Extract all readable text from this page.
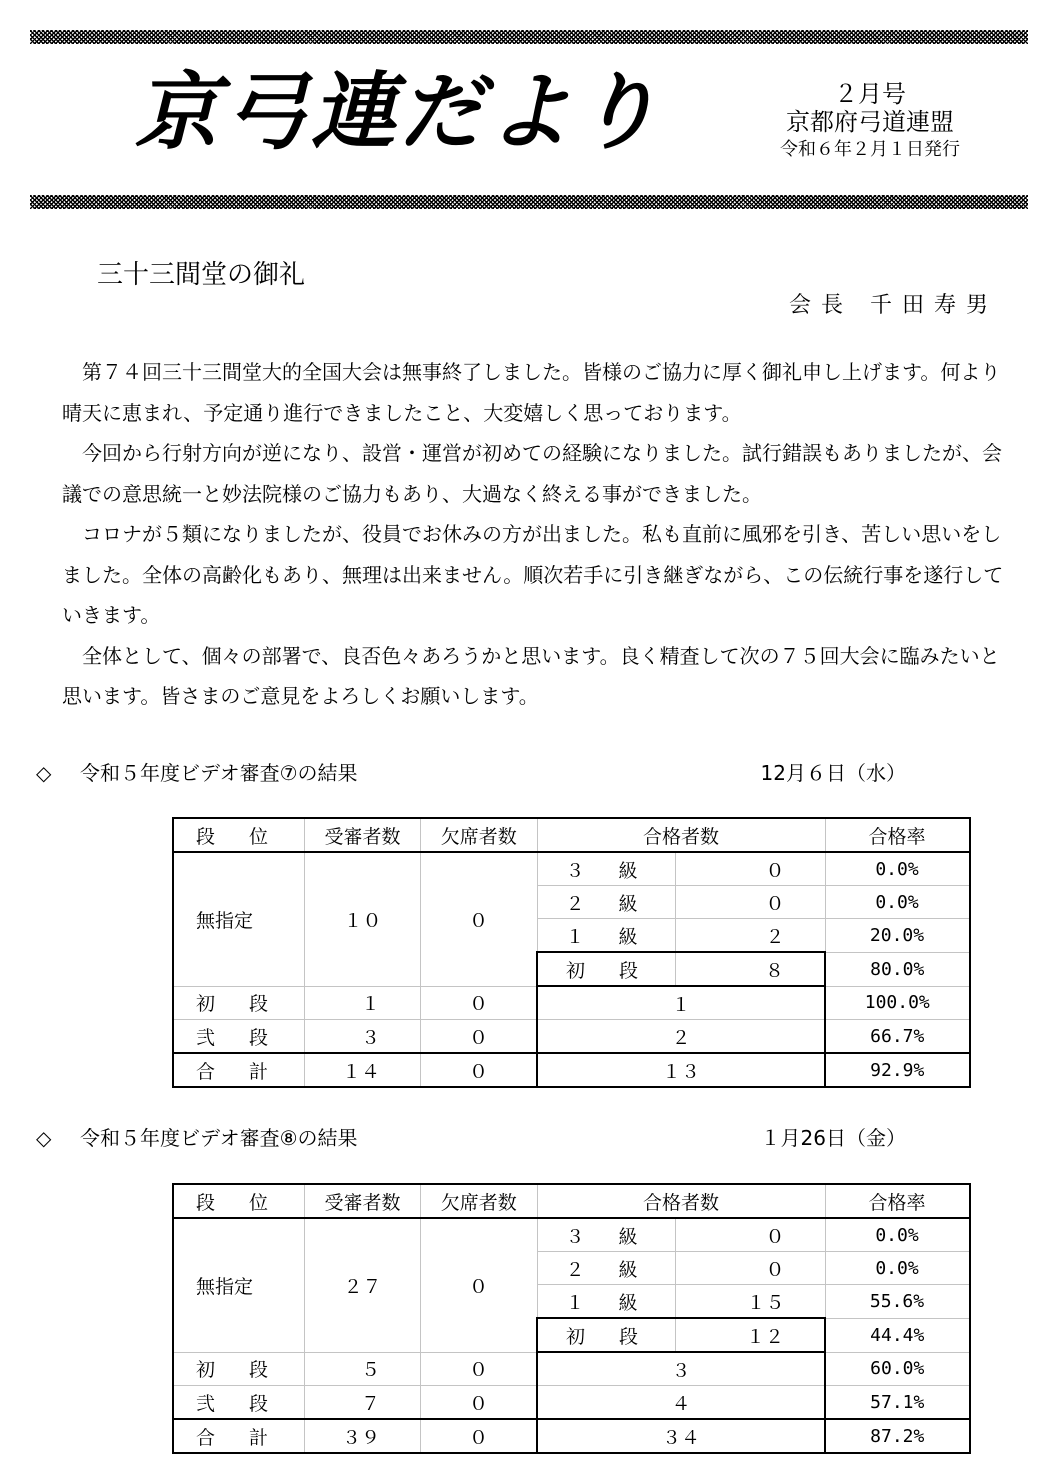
京弓連だより	２月号
京都府弓道連盟
令和６年２月１日発行
三十三間堂の御礼
会長 千田寿男

第７４回三十三間堂大的全国大会は無事終了しました。皆様のご協力に厚く御礼申し上げます。何より晴天に恵まれ、予定通り進行できましたこと、大変嬉しく思っております。

今回から行射方向が逆になり、設営・運営が初めての経験になりました。試行錯誤もありましたが、会議での意思統一と妙法院様のご協力もあり、大過なく終える事ができました。

コロナが５類になりましたが、役員でお休みの方が出ました。私も直前に風邪を引き、苦しい思いをしました。全体の高齢化もあり、無理は出来ません。順次若手に引き継ぎながら、この伝統行事を遂行していきます。

全体として、個々の部署で、良否色々あろうかと思います。良く精査して次の７５回大会に臨みたいと思います。皆さまのご意見をよろしくお願いします。

◇ 令和５年度ビデオ審査⑦の結果	12月６日（水）
段 位	受審者数	欠席者数	合格者数		合格率
無指定	１０	０	３ 級	０	0.0%
			２ 級	０	0.0%
			１ 級	２	20.0%
			初 段	８	80.0%
初 段	１	０	１		100.0%
弐 段	３	０	２		66.7%
合 計	１４	０	１３		92.9%
◇ 令和５年度ビデオ審査⑧の結果	１月26日（金）
段 位	受審者数	欠席者数	合格者数		合格率
無指定	２７	０	３ 級	０	0.0%
			２ 級	０	0.0%
			１ 級	１５	55.6%
			初 段	１２	44.4%
初 段	５	０	３		60.0%
弐 段	７	０	４		57.1%
合 計	３９	０	３４		87.2%
